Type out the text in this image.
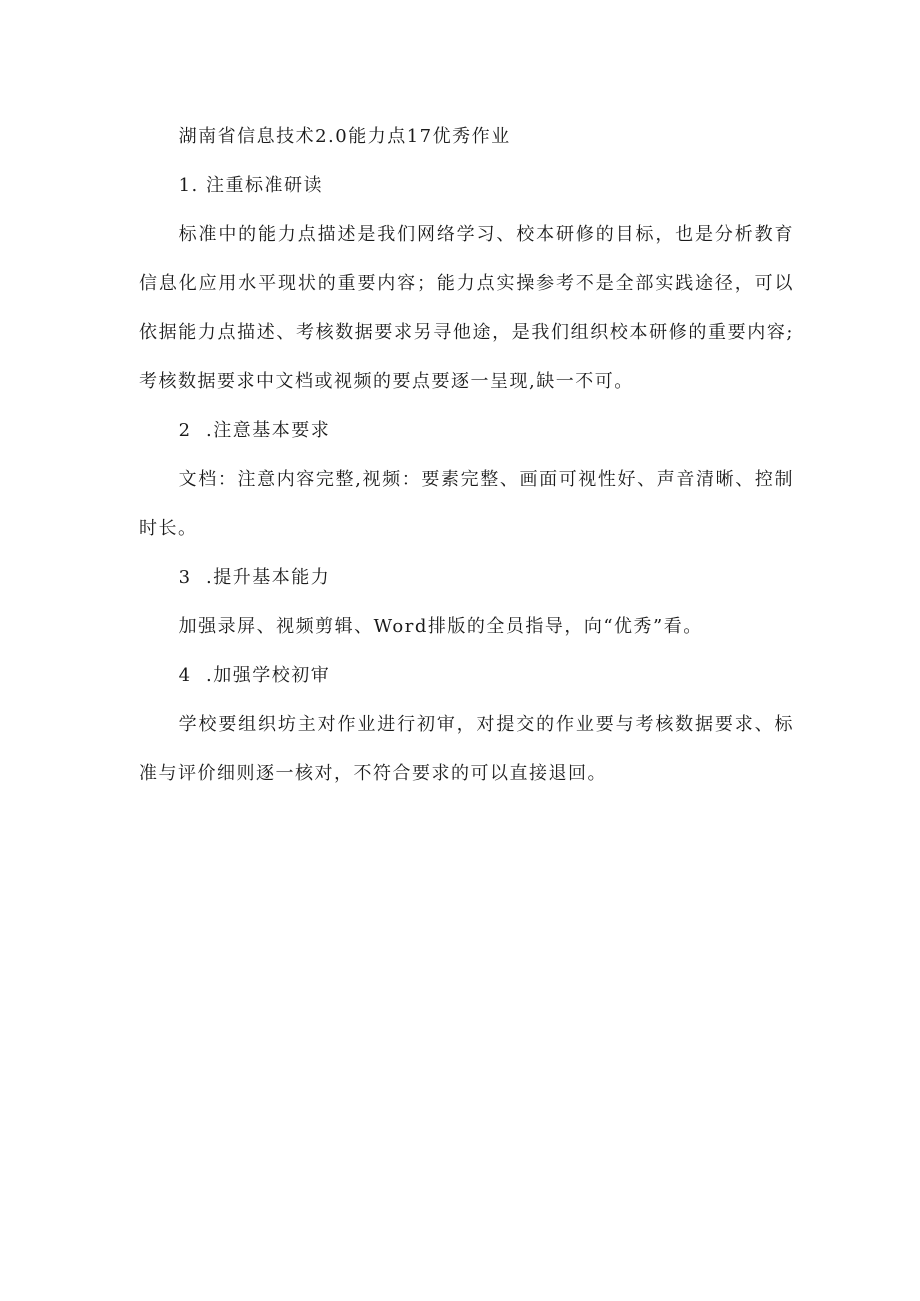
湖南省信息技术2.0能力点17优秀作业

1. 注重标准研读

标准中的能力点描述是我们网络学习、校本研修的目标，也是分析教育信息化应用水平现状的重要内容；能力点实操参考不是全部实践途径，可以依据能力点描述、考核数据要求另寻他途，是我们组织校本研修的重要内容;考核数据要求中文档或视频的要点要逐一呈现,缺一不可。

2  .注意基本要求

文档：注意内容完整,视频：要素完整、画面可视性好、声音清晰、控制时长。

3  .提升基本能力

加强录屏、视频剪辑、Word排版的全员指导，向“优秀”看。

4  .加强学校初审

学校要组织坊主对作业进行初审，对提交的作业要与考核数据要求、标准与评价细则逐一核对，不符合要求的可以直接退回。
